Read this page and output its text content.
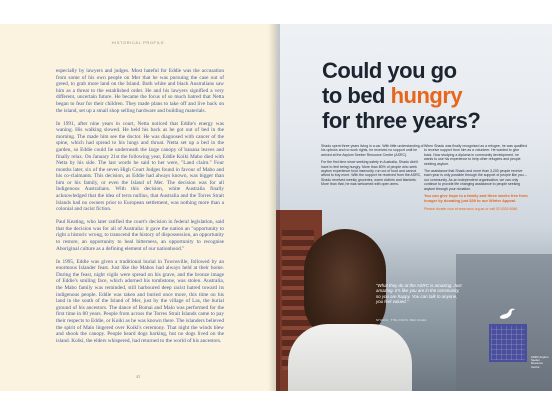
HISTORICAL PROFILE

especially by lawyers and judges. Most hateful for Eddie was the accusation from some of his own people on Mer that he was pursuing the case out of greed, to grab more land on the Island. Both white and black Australians saw him as a threat to the established order. He and his lawyers signified a very different, uncertain future. He became the focus of so much hatred that Netta began to fear for their children. They made plans to take off and live back on the island, set up a small shop selling hardware and building materials.

In 1991, after nine years in court, Netta noticed that Eddie's energy was waning. His walking slowed. He held his back as he got out of bed in the morning. The made him see the doctor. He was diagnosed with cancer of the spine, which had spread to his lungs and throat. Netta set up a bed in the garden, so Eddie could lie underneath the large canopy of banana leaves and finally relax. On January 21st the following year, Eddie Koiki Mabo died with Netta by his side. The last words he said to her were, "Land claim." Four months later, six of the seven High Court Judges found in favour of Mabo and his co-claimants. This decision, as Eddie had always known, was bigger than him or his family, or even the Island of Mer. The decision was for all Indigenous Australians. With this decision, white Australia finally acknowledged that the idea of terra nullius, that Australia and the Torres Strait Islands had no owners prior to European settlement, was nothing more than a colonial and racist fiction.

Paul Keating, who later ratified the court's decision in federal legislation, said that the decision was for all of Australia: it gave the nation an "opportunity to right a historic wrong, to transcend the history of dispossession, an opportunity to restore, an opportunity to heal bitterness, an opportunity to recognise Aboriginal culture as a defining element of our nationhood."

In 1995, Eddie was given a traditional burial in Townsville, followed by an enormous Islander feast. Just like the Mabos had always held at their home. During the feast, night vigils were spread on his grave, and the bronze image of Eddie's smiling face, which adorned his tombstone, was stolen. Australia, the Mabo family was reminded, still harboured deep racist hatred toward its indigenous people. Eddie was taken and buried once more, this time on his land in the south of the Island of Mer, just by the village of Las, the burial ground of his ancestors. The dance of Bomai and Malo was performed for the first time in 80 years. People from across the Torres Strait Islands came to pay their respects to Eddie, or Koiki as he was known there. The islanders believed the spirit of Malo lingered over Koiki's ceremony. That night the winds blew and shook the canopy. People heard dogs barking, but no dogs lived on the island. Koiki, the elders whispered, had returned to the world of his ancestors.

43
Could you go
to bed hungry
for three years?

Shadu spent three years living in a car. With little understanding of his options and no work rights, he received no support until he arrived at the Asylum Seeker Resource Centre (ASRC).

For the first time since seeking safety in Australia, Shadu didn't have to feel being hungry. More than 80% of people who seek asylum experience food insecurity, run out of food and cannot afford to buy more. With the support he received from the ASRC, Shadu received weekly groceries, warm clothes and blankets. More than that, he was welcomed with open arms.

When Shadu was finally recognised as a refugee, he was qualified to receive support from him as a volunteer. He wanted to give back. Now studying a diploma in community development, he wants to use his experience to help other refugees and people seeking asylum.

The assistance that Shadu and more than 3,200 people receive each year is only possible through the support of people like you – our community. As an independent organisation, we can only continue to provide life changing assistance to people seeking asylum through your donation.

You can give hope to a family and three weeks free from hunger by donating just $39 to our Winter Appeal.

Please donate now at www.asrc.org.au or call 03 9326 6066

"What they do at the ASRC is amazing. Just amazing. It's like you are in the community, so you are happy. You can talk to anyone, you feel valued."
SHADU, THE ASRC REFUGEE
ASRC Asylum Seeker Resource Centre
